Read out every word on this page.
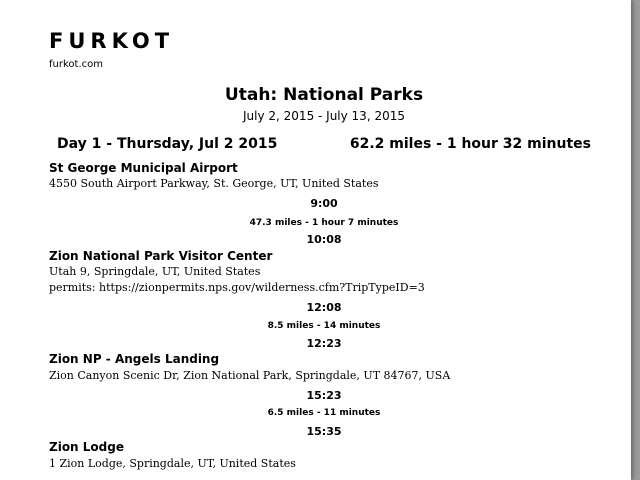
FURKOT
furkot.com
Utah: National Parks
July 2, 2015 - July 13, 2015
Day 1 - Thursday, Jul 2 2015	62.2 miles - 1 hour 32 minutes
St George Municipal Airport
4550 South Airport Parkway, St. George, UT, United States
9:00
47.3 miles - 1 hour 7 minutes
10:08
Zion National Park Visitor Center
Utah 9, Springdale, UT, United States
permits: https://zionpermits.nps.gov/wilderness.cfm?TripTypeID=3
12:08
8.5 miles - 14 minutes
12:23
Zion NP - Angels Landing
Zion Canyon Scenic Dr, Zion National Park, Springdale, UT 84767, USA
15:23
6.5 miles - 11 minutes
15:35
Zion Lodge
1 Zion Lodge, Springdale, UT, United States
